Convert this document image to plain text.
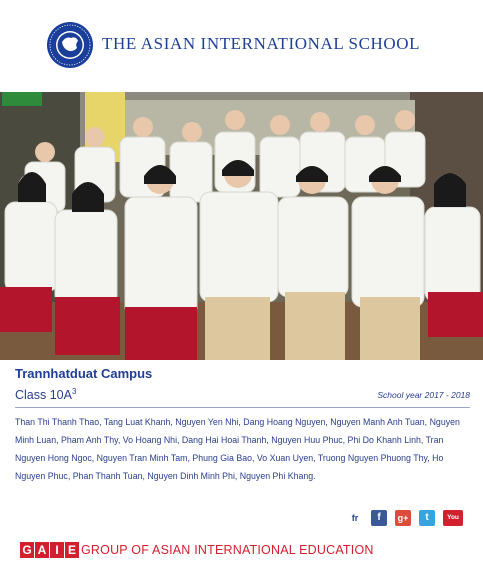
THE ASIAN INTERNATIONAL SCHOOL
Trannhatduat Campus
Class $10A^3$	School year 2017 - 2018
Than Thi Thanh Thao, Tang Luat Khanh, Nguyen Yen Nhi, Dang Hoang Nguyen, Nguyen Manh Anh Tuan, Nguyen Minh Luan, Pham Anh Thy, Vo Hoang Nhi, Dang Hai Hoai Thanh, Nguyen Huu Phuc, Phi Do Khanh Linh, Tran Nguyen Hong Ngoc, Nguyen Tran Minh Tam, Phung Gia Bao, Vo Xuan Uyen, Truong Nguyen Phuong Thy, Ho Nguyen Phuc, Phan Thanh Tuan, Nguyen Dinh Minh Phi, Nguyen Phi Khang.
fr	f	g+	t	You
G A I E GROUP OF ASIAN INTERNATIONAL EDUCATION
